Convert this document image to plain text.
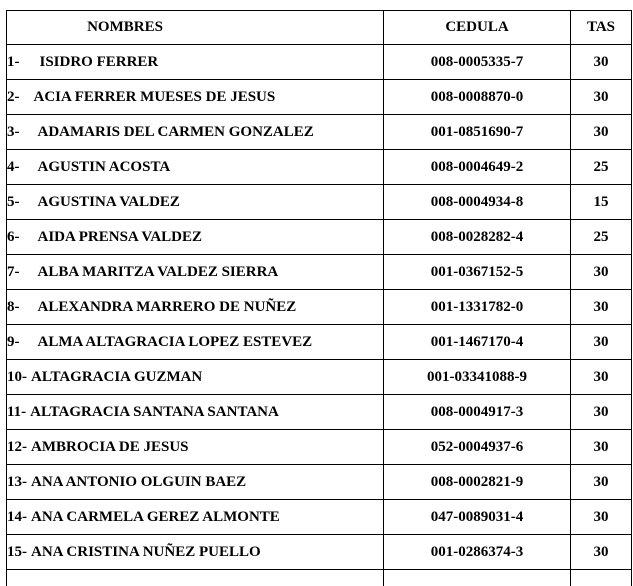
NOMBRES	CEDULA	TAS
1- ISIDRO FERRER	008-0005335-7	30
2- ACIA FERRER MUESES DE JESUS	008-0008870-0	30
3- ADAMARIS DEL CARMEN GONZALEZ	001-0851690-7	30
4- AGUSTIN ACOSTA	008-0004649-2	25
5- AGUSTINA VALDEZ	008-0004934-8	15
6- AIDA PRENSA VALDEZ	008-0028282-4	25
7- ALBA MARITZA VALDEZ SIERRA	001-0367152-5	30
8- ALEXANDRA MARRERO DE NUÑEZ	001-1331782-0	30
9- ALMA ALTAGRACIA LOPEZ ESTEVEZ	001-1467170-4	30
10- ALTAGRACIA GUZMAN	001-03341088-9	30
11- ALTAGRACIA SANTANA SANTANA	008-0004917-3	30
12- AMBROCIA DE JESUS	052-0004937-6	30
13- ANA ANTONIO OLGUIN BAEZ	008-0002821-9	30
14- ANA CARMELA GEREZ ALMONTE	047-0089031-4	30
15- ANA CRISTINA NUÑEZ PUELLO	001-0286374-3	30
